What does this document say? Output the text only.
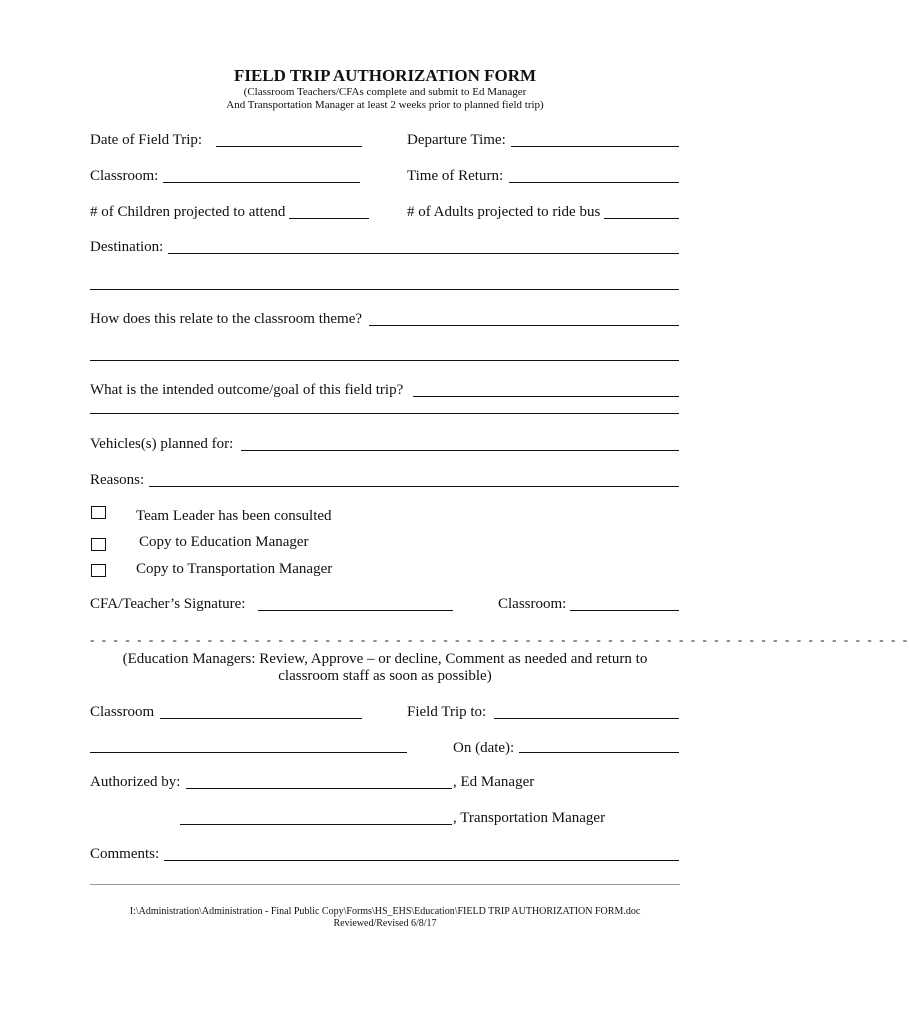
FIELD TRIP AUTHORIZATION FORM
(Classroom Teachers/CFAs complete and submit to Ed Manager
And Transportation Manager at least 2 weeks prior to planned field trip)
Date of Field Trip:	Departure Time:
Classroom:	Time of Return:
# of Children projected to attend	# of Adults projected to ride bus
Destination:
How does this relate to the classroom theme?
What is the intended outcome/goal of this field trip?
Vehicles(s) planned for:
Reasons:
Team Leader has been consulted
Copy to Education Manager
Copy to Transportation Manager
CFA/Teacher’s Signature:	Classroom:
- - - - - - - - - - - - - - - - - - - - - - - - - - - - - - - - - - - - - - - - - - - - - - - - - - - - - - - - - - - - - - - - - - - - - -
(Education Managers: Review, Approve – or decline, Comment as needed and return to
classroom staff as soon as possible)
Classroom	Field Trip to:
On (date):
Authorized by:	, Ed Manager
, Transportation Manager
Comments:
I:\Administration\Administration - Final Public Copy\Forms\HS_EHS\Education\FIELD TRIP AUTHORIZATION FORM.doc
Reviewed/Revised 6/8/17
